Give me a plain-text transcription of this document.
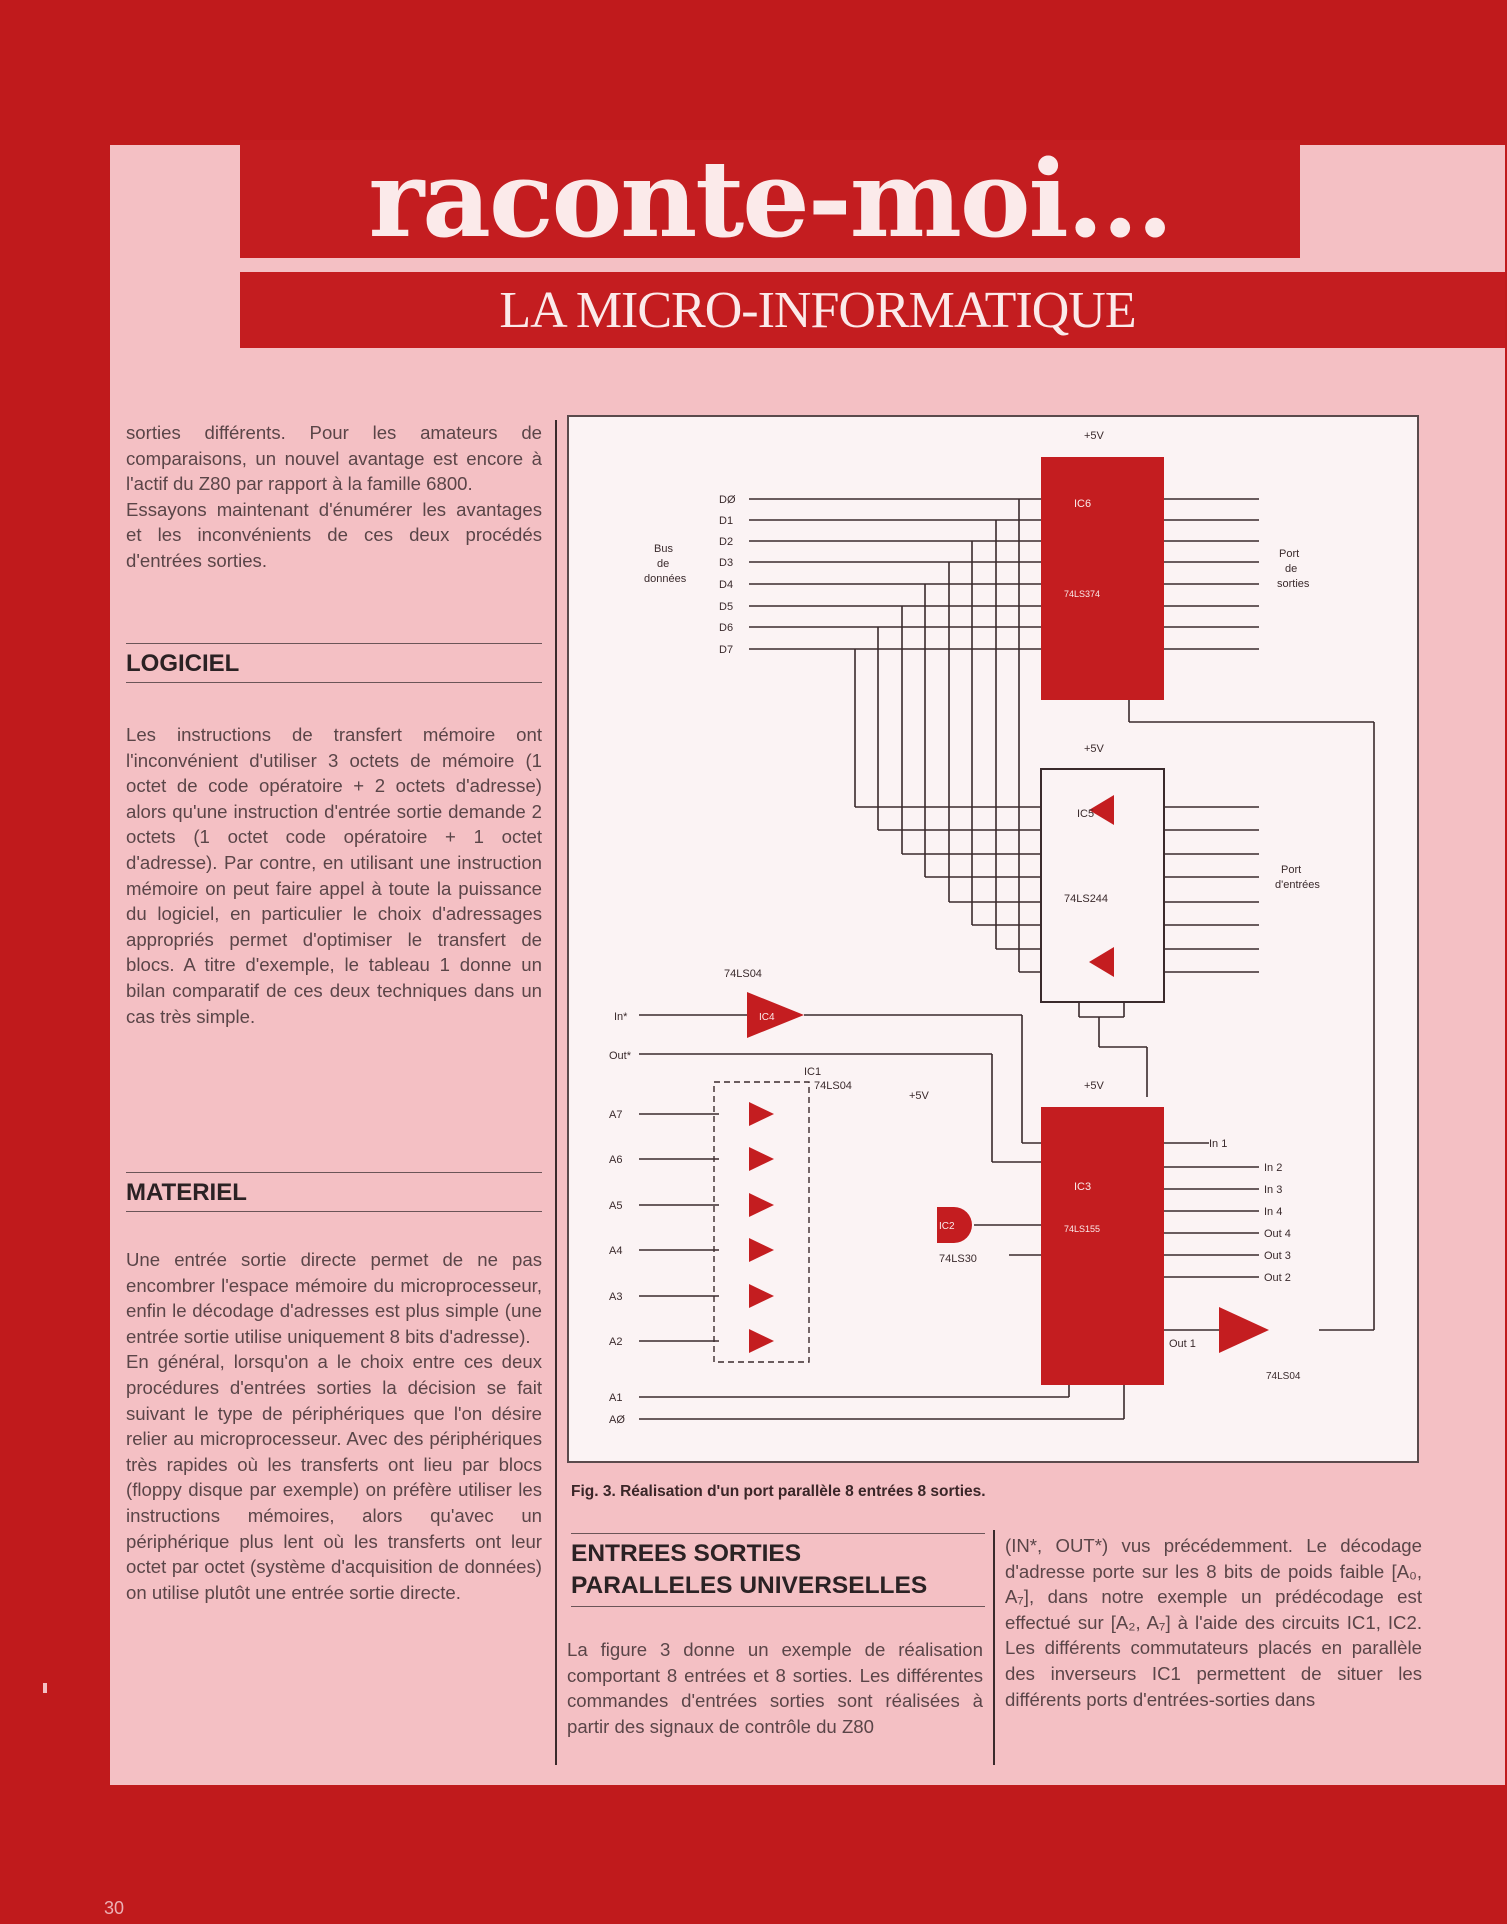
raconte-moi...
LA MICRO-INFORMATIQUE

sorties différents. Pour les amateurs de comparaisons, un nouvel avantage est encore à l'actif du Z80 par rapport à la famille 6800.

Essayons maintenant d'énumérer les avantages et les inconvénients de ces deux procédés d'entrées sorties.

LOGICIEL

Les instructions de transfert mémoire ont l'inconvénient d'utiliser 3 octets de mémoire (1 octet de code opératoire + 2 octets d'adresse) alors qu'une instruction d'entrée sortie demande 2 octets (1 octet code opératoire + 1 octet d'adresse). Par contre, en utilisant une instruction mémoire on peut faire appel à toute la puissance du logiciel, en particulier le choix d'adressages appropriés permet d'optimiser le transfert de blocs. A titre d'exemple, le tableau 1 donne un bilan comparatif de ces deux techniques dans un cas très simple.

MATERIEL

Une entrée sortie directe permet de ne pas encombrer l'espace mémoire du microprocesseur, enfin le décodage d'adresses est plus simple (une entrée sortie utilise uniquement 8 bits d'adresse).

En général, lorsqu'on a le choix entre ces deux procédures d'entrées sorties la décision se fait suivant le type de périphériques que l'on désire relier au microprocesseur. Avec des périphériques très rapides où les transferts ont lieu par blocs (floppy disque par exemple) on préfère utiliser les instructions mémoires, alors qu'avec un périphérique plus lent où les transferts ont leur octet par octet (système d'acquisition de données) on utilise plutôt une entrée sortie directe.

Bus
de
données
DØ
D1
D2
D3
D4
D5
D6
D7
Port
de
sorties
Port
d'entrées
+5V
+5V
+5V
+5V
IC6
74LS374
IC5
74LS244
IC3
74LS155
IC2
74LS30
IC1
74LS04
IC4
74LS04
In*
Out*
In 1
In 2
In 3
In 4
Out 4
Out 3
Out 2
Out 1
A7
A6
A5
A4
A3
A2
A1
AØ
74LS04
Fig. 3. Réalisation d'un port parallèle 8 entrées 8 sorties.
ENTREES SORTIES
PARALLELES UNIVERSELLES

La figure 3 donne un exemple de réalisation comportant 8 entrées et 8 sorties. Les différentes commandes d'entrées sorties sont réalisées à partir des signaux de contrôle du Z80

(IN*, OUT*) vus précédemment. Le décodage d'adresse porte sur les 8 bits de poids faible [A₀, A₇], dans notre exemple un prédécodage est effectué sur [A₂, A₇] à l'aide des circuits IC1, IC2. Les différents commutateurs placés en parallèle des inverseurs IC1 permettent de situer les différents ports d'entrées-sorties dans

30
